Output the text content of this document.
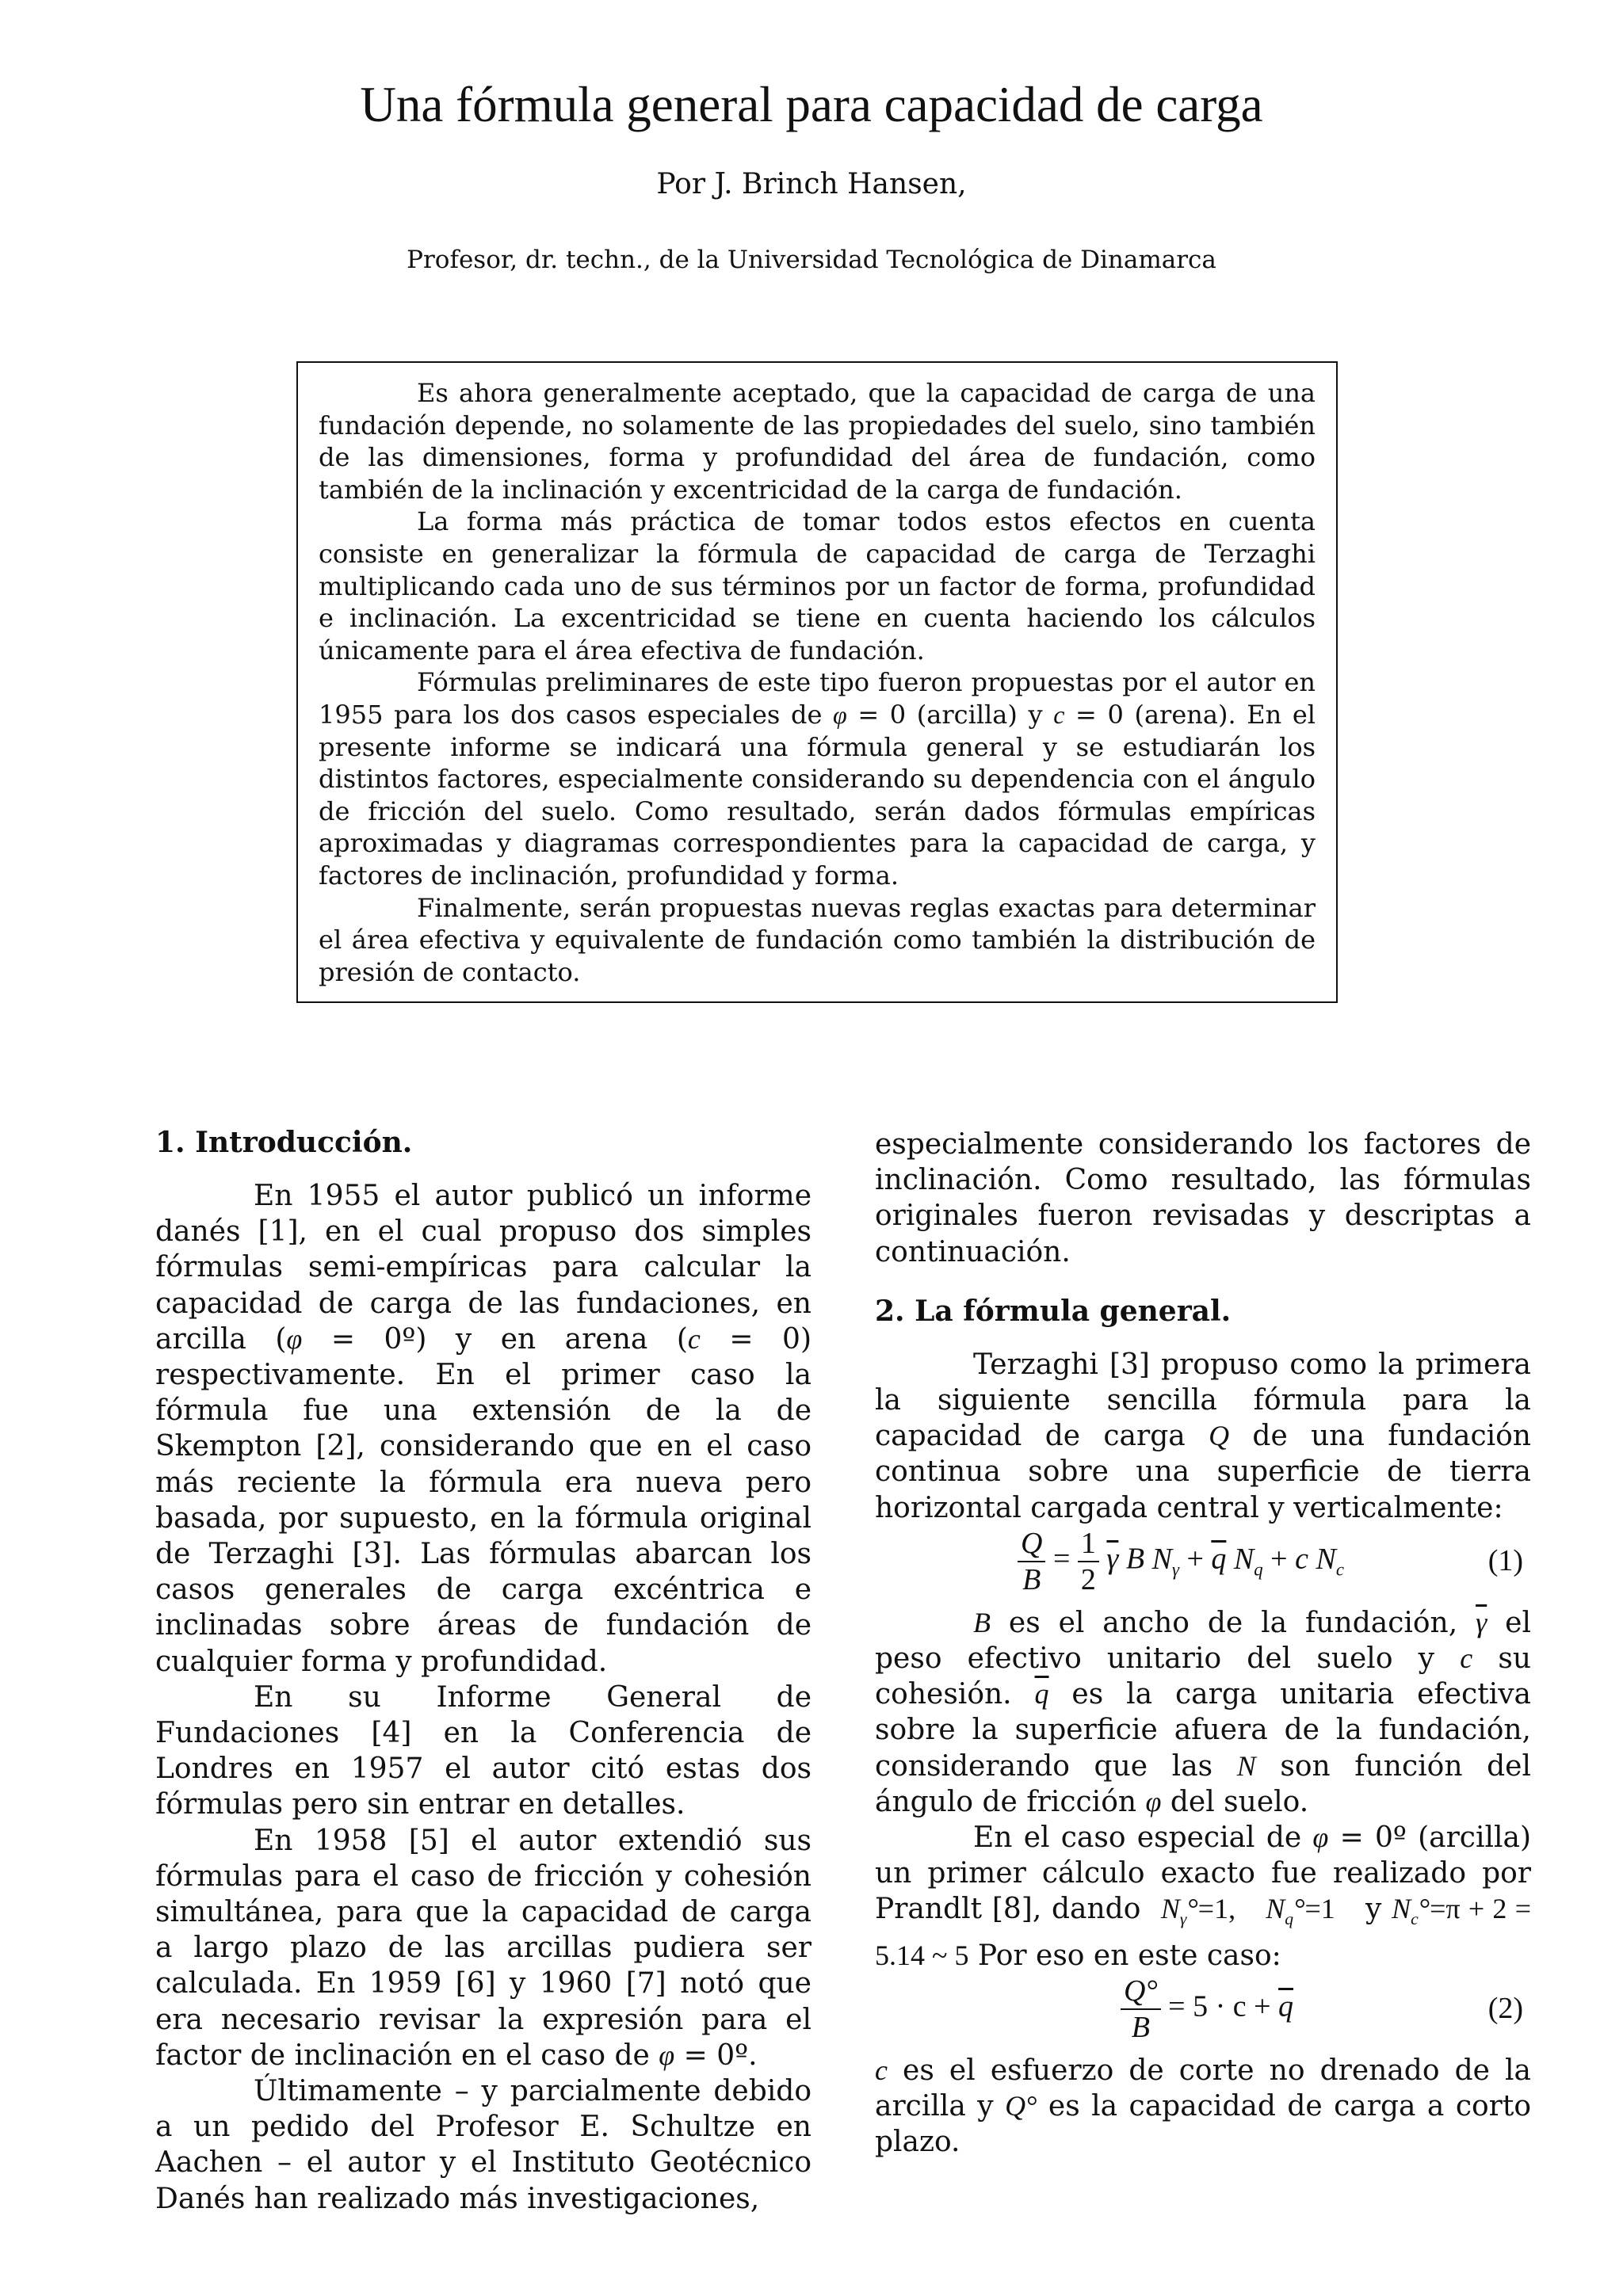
Una fórmula general para capacidad de carga
Por J. Brinch Hansen,
Profesor, dr. techn., de la Universidad Tecnológica de Dinamarca

Es ahora generalmente aceptado, que la capacidad de carga de una fundación depende, no solamente de las propiedades del suelo, sino también de las dimensiones, forma y profundidad del área de fundación, como también de la inclinación y excentricidad de la carga de fundación.

La forma más práctica de tomar todos estos efectos en cuenta consiste en generalizar la fórmula de capacidad de carga de Terzaghi multiplicando cada uno de sus términos por un factor de forma, profundidad e inclinación. La excentricidad se tiene en cuenta haciendo los cálculos únicamente para el área efectiva de fundación.

Fórmulas preliminares de este tipo fueron propuestas por el autor en 1955 para los dos casos especiales de φ = 0 (arcilla) y c = 0 (arena). En el presente informe se indicará una fórmula general y se estudiarán los distintos factores, especialmente considerando su dependencia con el ángulo de fricción del suelo. Como resultado, serán dados fórmulas empíricas aproximadas y diagramas correspondientes para la capacidad de carga, y factores de inclinación, profundidad y forma.

Finalmente, serán propuestas nuevas reglas exactas para determinar el área efectiva y equivalente de fundación como también la distribución de presión de contacto.

1. Introducción.

En 1955 el autor publicó un informe danés [1], en el cual propuso dos simples fórmulas semi-empíricas para calcular la capacidad de carga de las fundaciones, en arcilla (φ = 0º) y en arena (c = 0) respectivamente. En el primer caso la fórmula fue una extensión de la de Skempton [2], considerando que en el caso más reciente la fórmula era nueva pero basada, por supuesto, en la fórmula original de Terzaghi [3]. Las fórmulas abarcan los casos generales de carga excéntrica e inclinadas sobre áreas de fundación de cualquier forma y profundidad.

En su Informe General de Fundaciones [4] en la Conferencia de Londres en 1957 el autor citó estas dos fórmulas pero sin entrar en detalles.

En 1958 [5] el autor extendió sus fórmulas para el caso de fricción y cohesión simultánea, para que la capacidad de carga a largo plazo de las arcillas pudiera ser calculada. En 1959 [6] y 1960 [7] notó que era necesario revisar la expresión para el factor de inclinación en el caso de φ = 0º.

Últimamente – y parcialmente debido a un pedido del Profesor E. Schultze en Aachen – el autor y el Instituto Geotécnico Danés han realizado más investigaciones,

especialmente considerando los factores de inclinación. Como resultado, las fórmulas originales fueron revisadas y descriptas a continuación.

2. La fórmula general.

Terzaghi [3] propuso como la primera la siguiente sencilla fórmula para la capacidad de carga Q de una fundación continua sobre una superficie de tierra horizontal cargada central y verticalmente:

$\frac{Q}{B} = \frac{1}{2} \overline{\gamma}$ B $N_\gamma + \overline{q}$ $N_q + c$ $N_c$	(1)

B es el ancho de la fundación, $\overline{\gamma}$ el peso efectivo unitario del suelo y c su cohesión. $\overline{q}$ es la carga unitaria efectiva sobre la superficie afuera de la fundación, considerando que las N son función del ángulo de fricción φ del suelo.

En el caso especial de φ = 0º (arcilla) un primer cálculo exacto fue realizado por Prandlt [8], dando  $N_\gamma^\circ=1$, $N_q^\circ=1$ y $N_c^\circ=\pi + 2 = 5.14$ ~ 5 Por eso en este caso:

$\frac{Q^\circ}{B} = 5 \cdot c + \overline{q}$	(2)

c es el esfuerzo de corte no drenado de la arcilla y Q° es la capacidad de carga a corto plazo.
